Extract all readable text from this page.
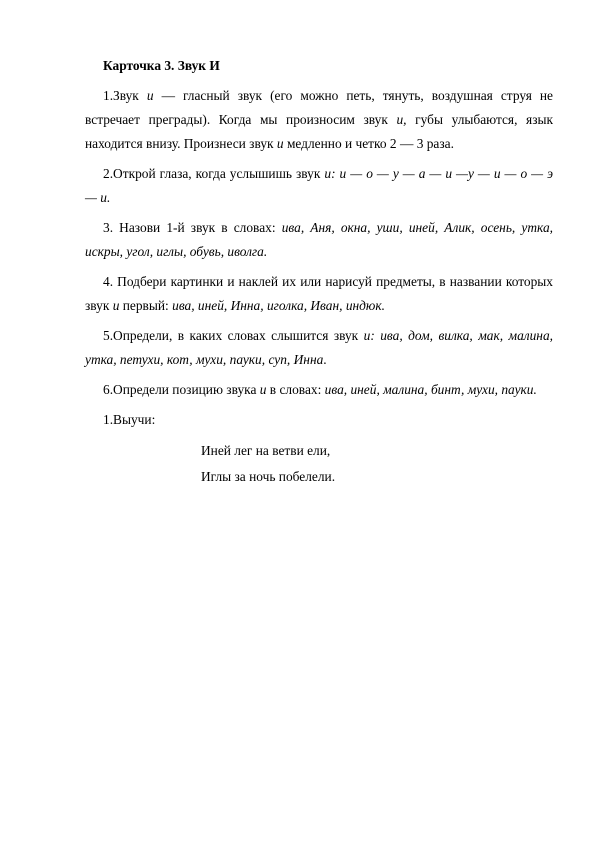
Карточка 3. Звук И

1.Звук и — гласный звук (его можно петь, тянуть, воздушная струя не встречает преграды). Когда мы произносим звук и, губы улыбаются, язык находится внизу. Произнеси звук и медленно и четко 2 — 3 раза.

2.Открой глаза, когда услышишь звук и: и — о — у — а — и —у — и — о — э — и.

3. Назови 1-й звук в словах: ива, Аня, окна, уши, иней, Алик, осень, утка, искры, угол, иглы, обувь, иволга.

4. Подбери картинки и наклей их или нарисуй предметы, в названии которых звук и первый: ива, иней, Инна, иголка, Иван, индюк.

5.Определи, в каких словах слышится звук и: ива, дом, вилка, мак, малина, утка, петухи, кот, мухи, пауки, суп, Инна.

6.Определи позицию звука и в словах: ива, иней, малина, бинт, мухи, пауки.

1.Выучи:

Иней лег на ветви ели,
Иглы за ночь побелели.
